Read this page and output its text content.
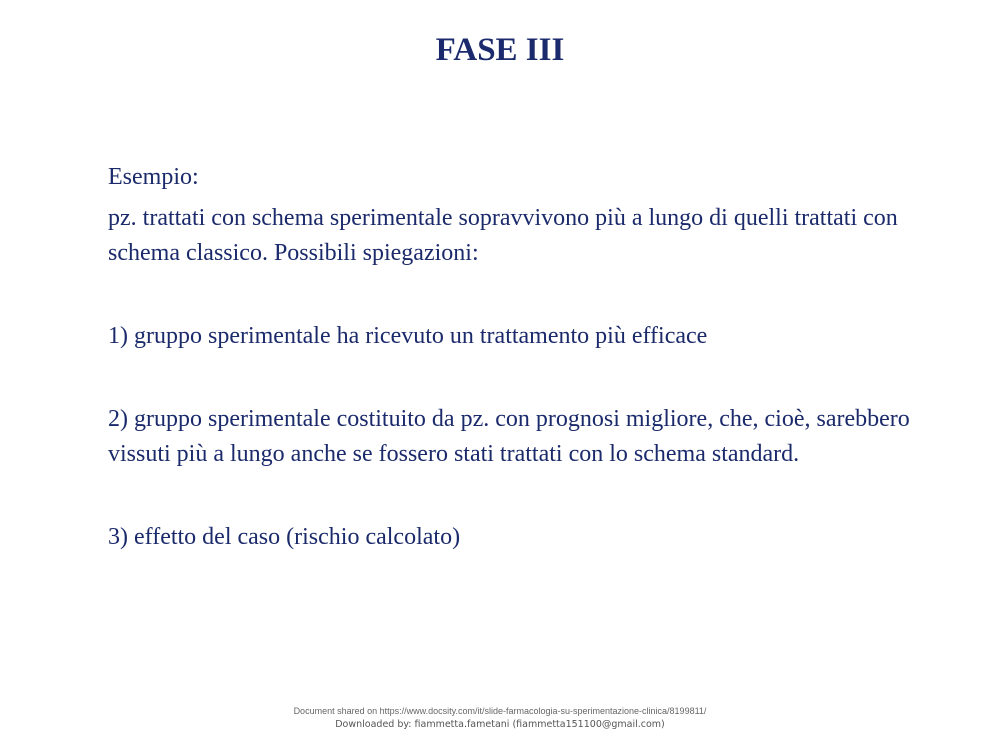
FASE III

Esempio:

pz. trattati con schema sperimentale sopravvivono più a lungo di quelli trattati con schema classico. Possibili spiegazioni:

1) gruppo sperimentale ha ricevuto un trattamento più efficace

2) gruppo sperimentale costituito da pz. con prognosi migliore, che, cioè, sarebbero vissuti più a lungo anche se fossero stati trattati con lo schema standard.

3) effetto del caso (rischio calcolato)

Document shared on https://www.docsity.com/it/slide-farmacologia-su-sperimentazione-clinica/8199811/
Downloaded by: fiammetta.fametani (fiammetta151100@gmail.com)
